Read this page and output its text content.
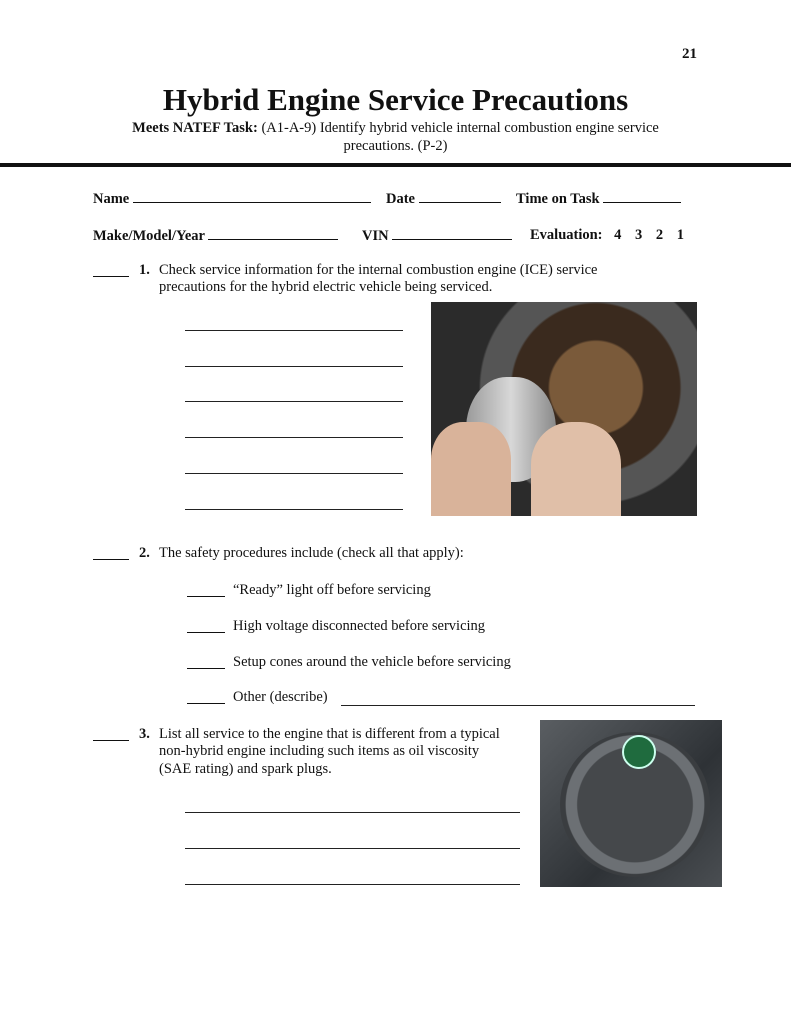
21
Hybrid Engine Service Precautions
Meets NATEF Task: (A1-A-9) Identify hybrid vehicle internal combustion engine service
precautions. (P-2)
Name	Date	Time on Task
Make/Model/Year	VIN	Evaluation: 4 3 2 1
1. Check service information for the internal combustion engine (ICE) service
precautions for the hybrid electric vehicle being serviced.
2. The safety procedures include (check all that apply):
“Ready” light off before servicing
High voltage disconnected before servicing
Setup cones around the vehicle before servicing
Other (describe)
3. List all service to the engine that is different from a typical
non-hybrid engine including such items as oil viscosity
(SAE rating) and spark plugs.
